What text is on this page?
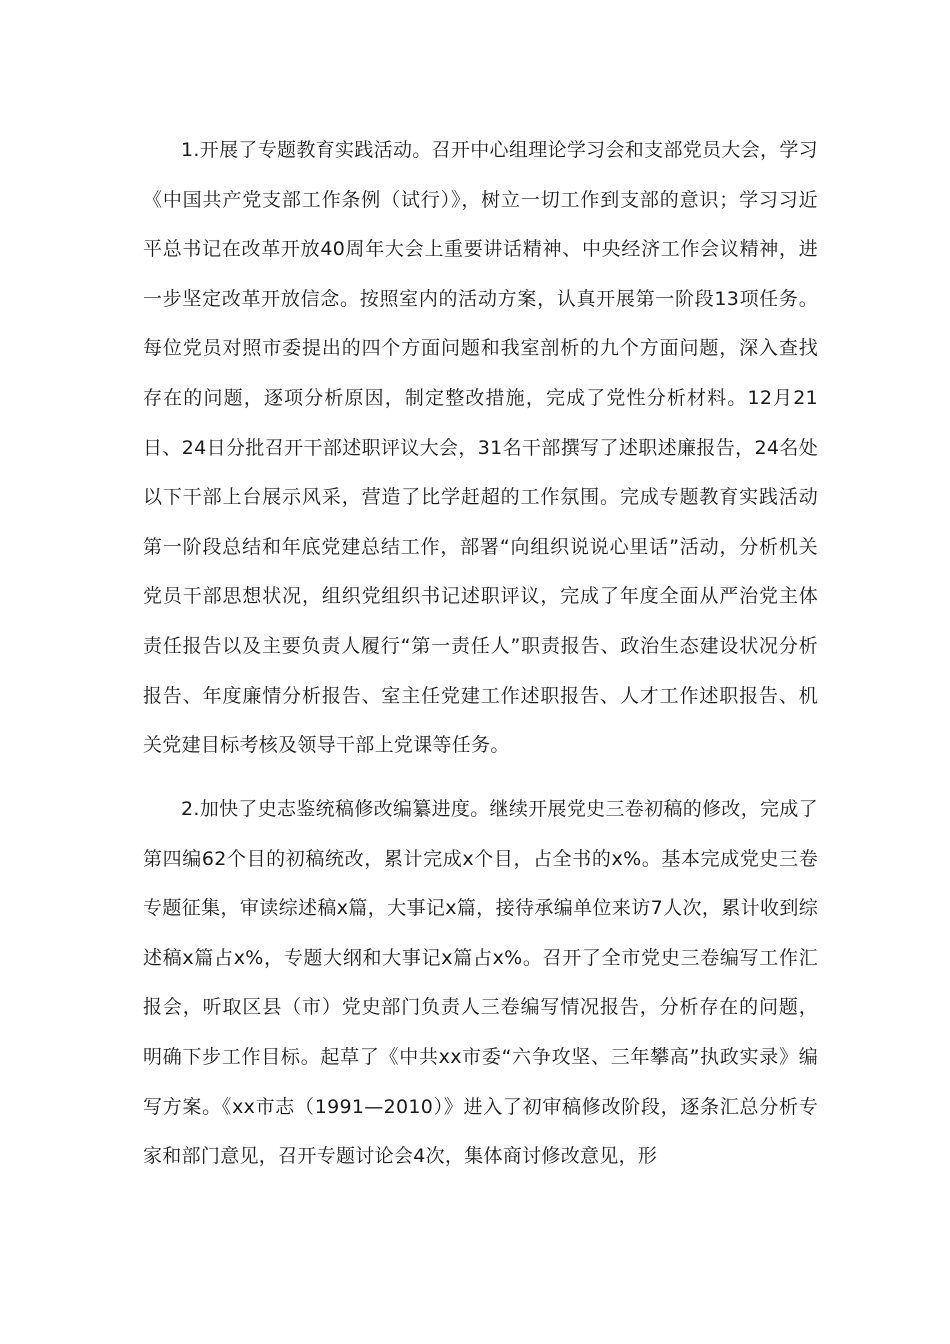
1.开展了专题教育实践活动。召开中心组理论学习会和支部党员大会，学习《中国共产党支部工作条例（试行）》，树立一切工作到支部的意识；学习习近平总书记在改革开放40周年大会上重要讲话精神、中央经济工作会议精神，进一步坚定改革开放信念。按照室内的活动方案，认真开展第一阶段13项任务。每位党员对照市委提出的四个方面问题和我室剖析的九个方面问题，深入查找存在的问题，逐项分析原因，制定整改措施，完成了党性分析材料。12月21日、24日分批召开干部述职评议大会，31名干部撰写了述职述廉报告，24名处以下干部上台展示风采，营造了比学赶超的工作氛围。完成专题教育实践活动第一阶段总结和年底党建总结工作，部署“向组织说说心里话”活动，分析机关党员干部思想状况，组织党组织书记述职评议，完成了年度全面从严治党主体责任报告以及主要负责人履行“第一责任人”职责报告、政治生态建设状况分析报告、年度廉情分析报告、室主任党建工作述职报告、人才工作述职报告、机关党建目标考核及领导干部上党课等任务。

2.加快了史志鉴统稿修改编纂进度。继续开展党史三卷初稿的修改，完成了第四编62个目的初稿统改，累计完成x个目，占全书的x%。基本完成党史三卷专题征集，审读综述稿x篇，大事记x篇，接待承编单位来访7人次，累计收到综述稿x篇占x%，专题大纲和大事记x篇占x%。召开了全市党史三卷编写工作汇报会，听取区县（市）党史部门负责人三卷编写情况报告，分析存在的问题，明确下步工作目标。起草了《中共xx市委“六争攻坚、三年攀高”执政实录》编写方案。《xx市志（1991—2010）》进入了初审稿修改阶段，逐条汇总分析专家和部门意见，召开专题讨论会4次，集体商讨修改意见，形
